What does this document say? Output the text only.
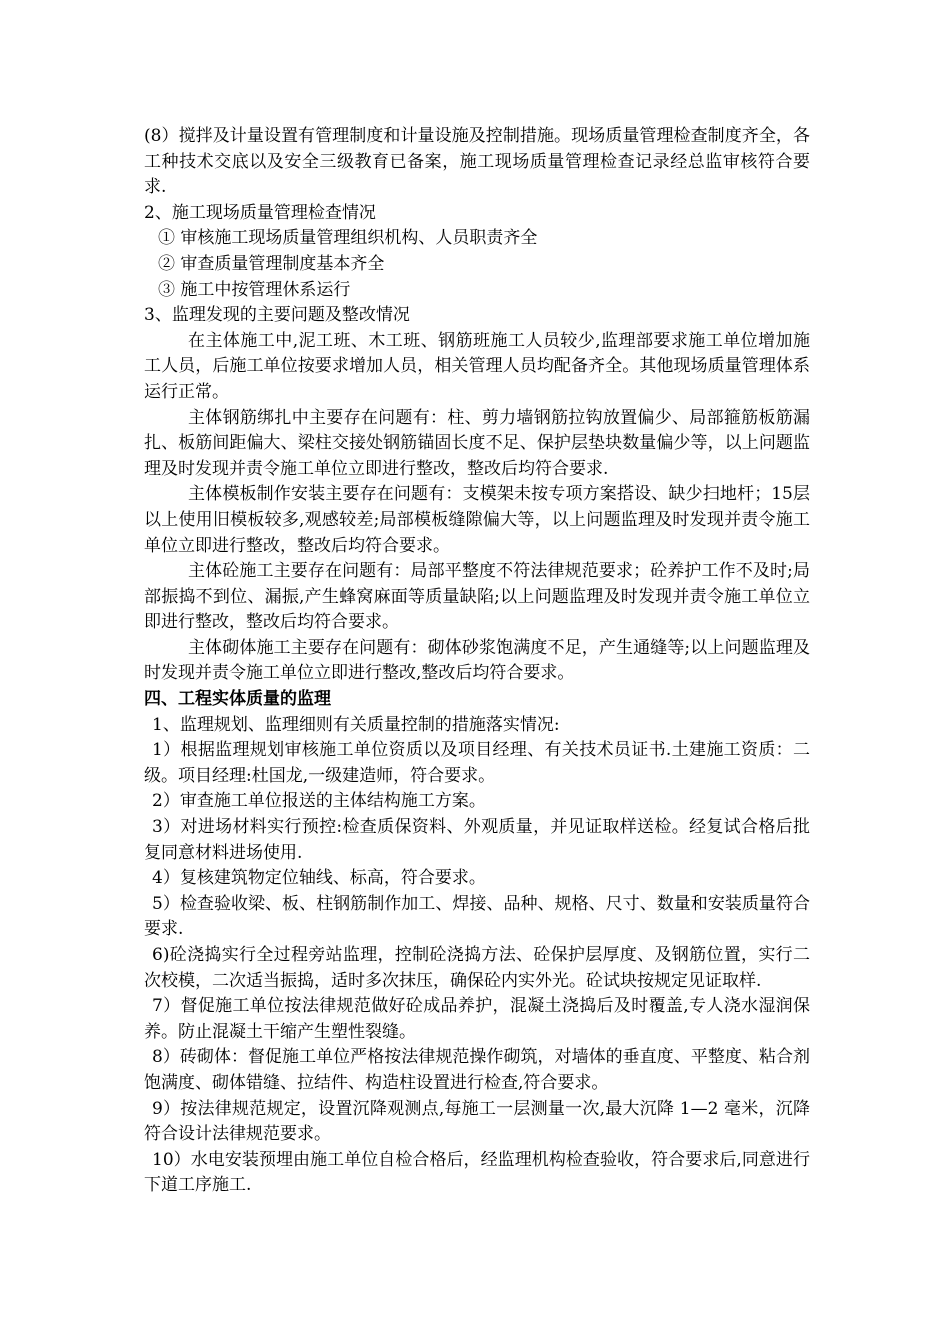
(8）搅拌及计量设置有管理制度和计量设施及控制措施。现场质量管理检查制度齐全，各工种技术交底以及安全三级教育已备案，施工现场质量管理检查记录经总监审核符合要求.

2、施工现场质量管理检查情况

① 审核施工现场质量管理组织机构、人员职责齐全

② 审查质量管理制度基本齐全

③ 施工中按管理休系运行

3、监理发现的主要问题及整改情况

在主体施工中,泥工班、木工班、钢筋班施工人员较少,监理部要求施工单位增加施工人员，后施工单位按要求增加人员，相关管理人员均配备齐全。其他现场质量管理体系运行正常。

主体钢筋绑扎中主要存在问题有：柱、剪力墙钢筋拉钩放置偏少、局部箍筋板筋漏扎、板筋间距偏大、梁柱交接处钢筋锚固长度不足、保护层垫块数量偏少等，以上问题监理及时发现并责令施工单位立即进行整改，整改后均符合要求.

主体模板制作安装主要存在问题有：支模架未按专项方案搭设、缺少扫地杆；15层以上使用旧模板较多,观感较差;局部模板缝隙偏大等，以上问题监理及时发现并责令施工单位立即进行整改，整改后均符合要求。

主体砼施工主要存在问题有：局部平整度不符法律规范要求；砼养护工作不及时;局部振捣不到位、漏振,产生蜂窝麻面等质量缺陷;以上问题监理及时发现并责令施工单位立即进行整改，整改后均符合要求。

主体砌体施工主要存在问题有：砌体砂浆饱满度不足，产生通缝等;以上问题监理及时发现并责令施工单位立即进行整改,整改后均符合要求。

四、工程实体质量的监理

1、监理规划、监理细则有关质量控制的措施落实情况:

1）根据监理规划审核施工单位资质以及项目经理、有关技术员证书.土建施工资质：二级。项目经理:杜国龙,一级建造师，符合要求。

2）审查施工单位报送的主体结构施工方案。

3）对进场材料实行预控:检查质保资料、外观质量，并见证取样送检。经复试合格后批复同意材料进场使用.

4）复核建筑物定位轴线、标高，符合要求。

5）检查验收梁、板、柱钢筋制作加工、焊接、品种、规格、尺寸、数量和安装质量符合要求.

6)砼浇捣实行全过程旁站监理，控制砼浇捣方法、砼保护层厚度、及钢筋位置，实行二次校模，二次适当振捣，适时多次抹压，确保砼内实外光。砼试块按规定见证取样.

7）督促施工单位按法律规范做好砼成品养护，混凝土浇捣后及时覆盖,专人浇水湿润保养。防止混凝土干缩产生塑性裂缝。

8）砖砌体：督促施工单位严格按法律规范操作砌筑，对墙体的垂直度、平整度、粘合剂饱满度、砌体错缝、拉结件、构造柱设置进行检查,符合要求。

9）按法律规范规定，设置沉降观测点,每施工一层测量一次,最大沉降 1—2 毫米，沉降符合设计法律规范要求。

10）水电安装预埋由施工单位自检合格后，经监理机构检查验收，符合要求后,同意进行下道工序施工.
